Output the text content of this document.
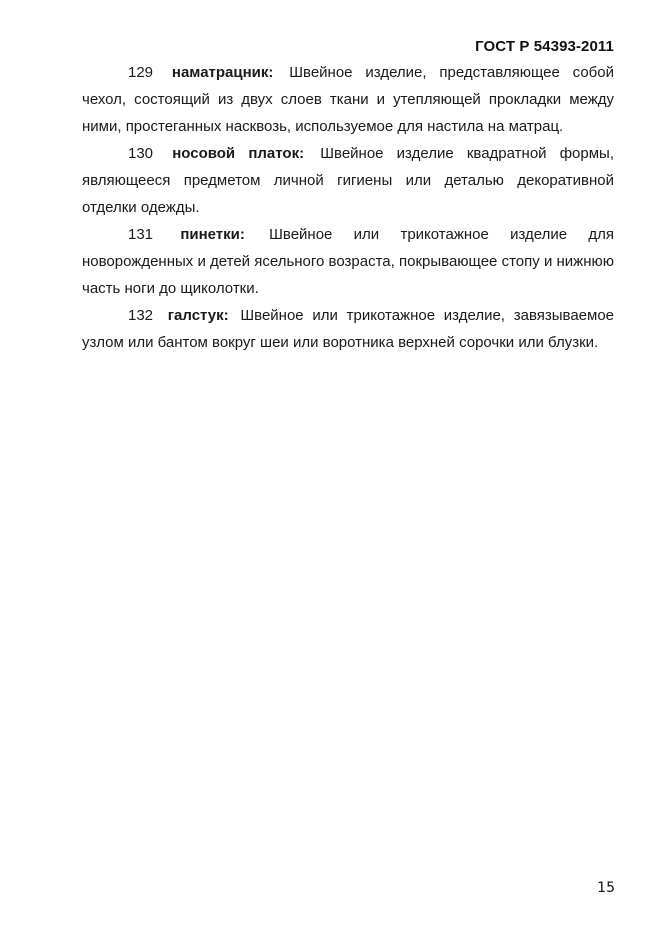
ГОСТ Р 54393-2011

129 наматрацник: Швейное изделие, представляющее собой чехол, состоящий из двух слоев ткани и утепляющей прокладки между ними, простеганных насквозь, используемое для настила на матрац.

130 носовой платок: Швейное изделие квадратной формы, являющееся предметом личной гигиены или деталью декоративной отделки одежды.

131 пинетки: Швейное или трикотажное изделие для новорожденных и детей ясельного возраста, покрывающее стопу и нижнюю часть ноги до щиколотки.

132 галстук: Швейное или трикотажное изделие, завязываемое узлом или бантом вокруг шеи или воротника верхней сорочки или блузки.

15
